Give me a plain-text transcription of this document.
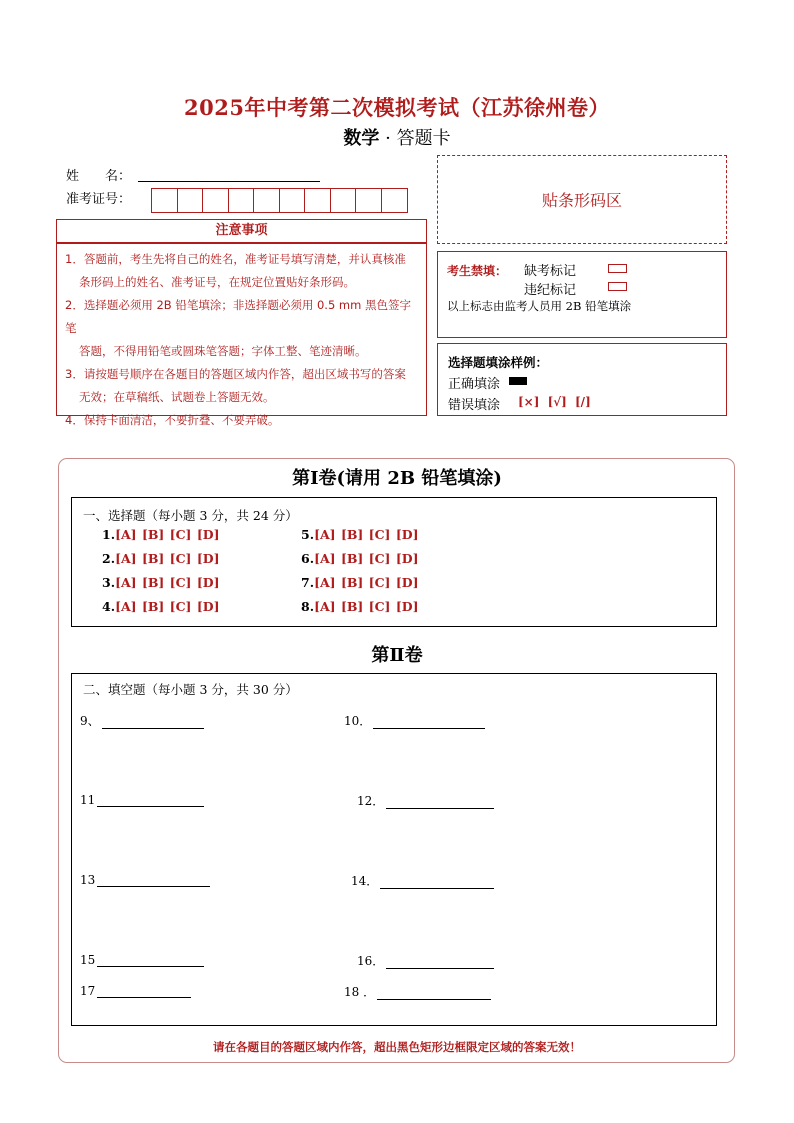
2025年中考第二次模拟考试（江苏徐州卷）
数学 · 答题卡
姓　　名：
准考证号：	贴条形码区
注意事项
1．答题前，考生先将自己的姓名，准考证号填写清楚，并认真核准
条形码上的姓名、准考证号，在规定位置贴好条形码。
2．选择题必须用 2B 铅笔填涂；非选择题必须用 0.5 mm 黑色签字笔
答题，不得用铅笔或圆珠笔答题；字体工整、笔迹清晰。
3．请按题号顺序在各题目的答题区域内作答，超出区域书写的答案
无效；在草稿纸、试题卷上答题无效。
4．保持卡面清洁，不要折叠、不要弄破。
考生禁填： 缺考标记
违纪标记
以上标志由监考人员用 2B 铅笔填涂
选择题填涂样例：
正确填涂
错误填涂 [×] [√] [/]
第Ⅰ卷(请用 2B 铅笔填涂)
一、选择题（每小题 3 分，共 24 分）
1.[A] [B] [C] [D]
2.[A] [B] [C] [D]
3.[A] [B] [C] [D]
4.[A] [B] [C] [D]
5.[A] [B] [C] [D]
6.[A] [B] [C] [D]
7.[A] [B] [C] [D]
8.[A] [B] [C] [D]
第Ⅱ卷
二、填空题（每小题 3 分，共 30 分）
9、	10．
11	12．
13	14．
15	16．
17	18 ．
请在各题目的答题区域内作答，超出黑色矩形边框限定区域的答案无效！
